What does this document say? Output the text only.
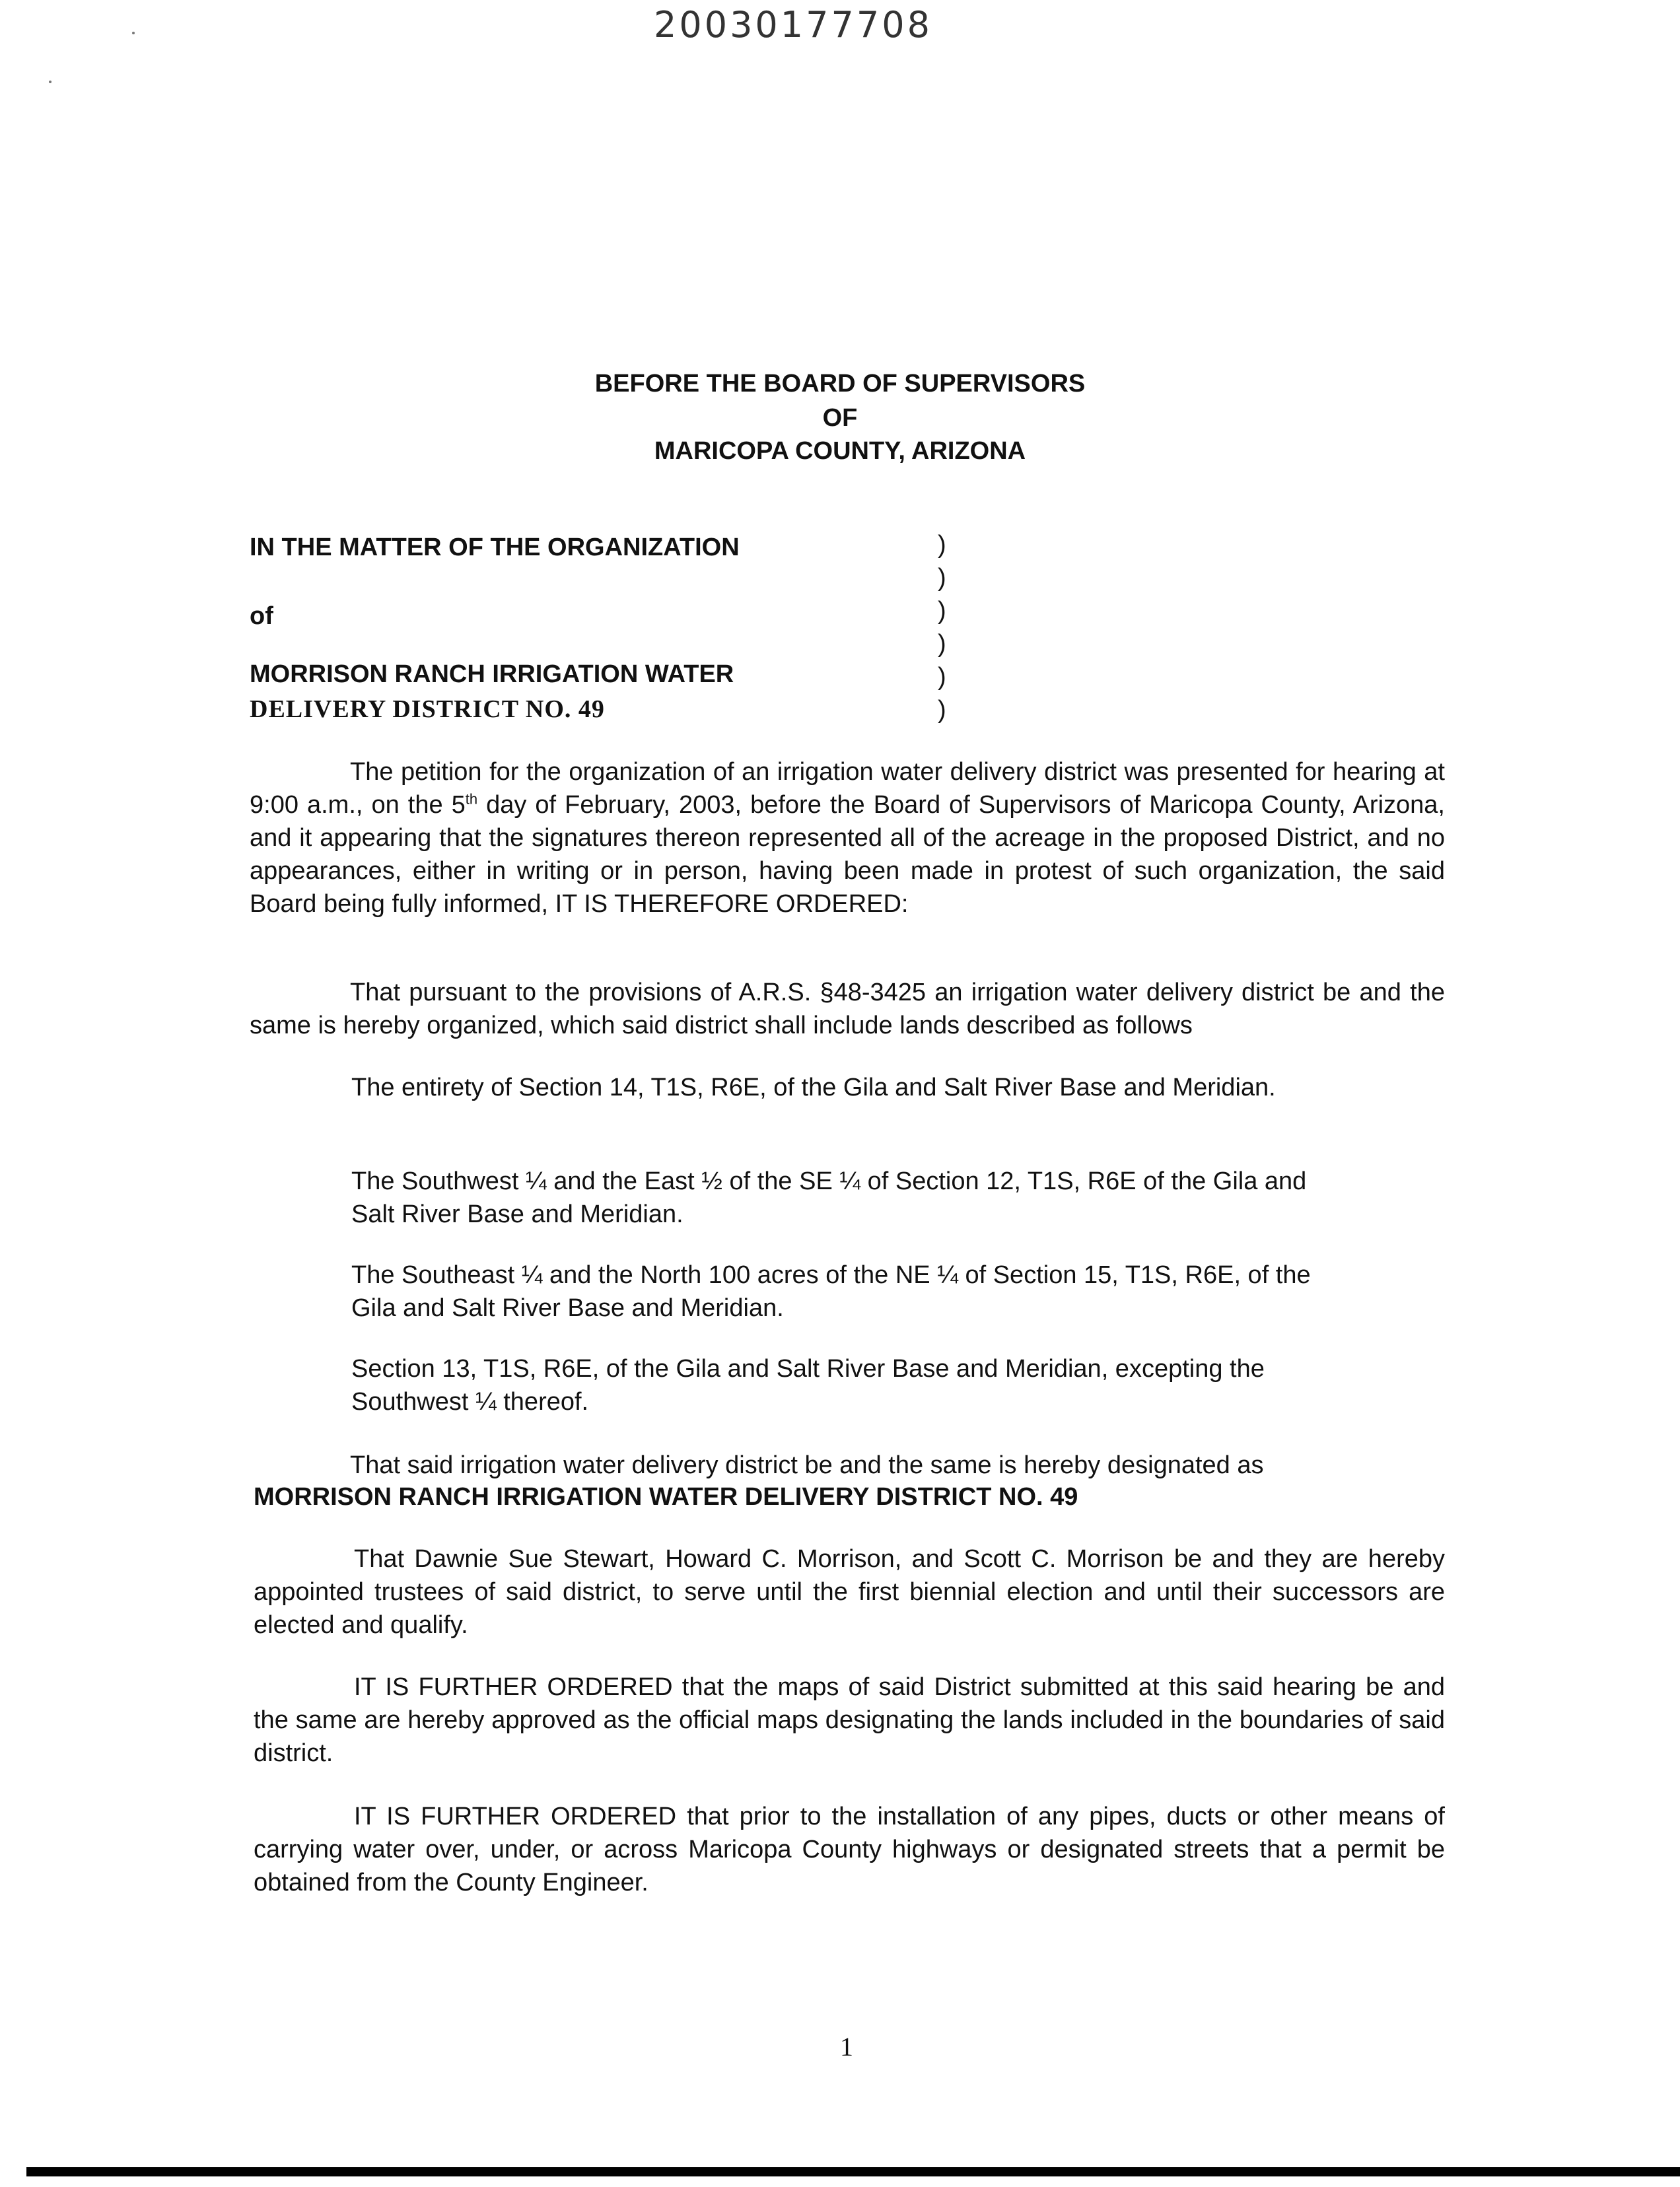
20030177708
BEFORE THE BOARD OF SUPERVISORS
OF
MARICOPA COUNTY, ARIZONA
IN THE MATTER OF THE ORGANIZATION
of
MORRISON RANCH IRRIGATION WATER
DELIVERY DISTRICT NO. 49
)
)
)
)
)
)
The petition for the organization of an irrigation water delivery district was presented for hearing at 9:00 a.m., on the 5th day of February, 2003, before the Board of Supervisors of Maricopa County, Arizona, and it appearing that the signatures thereon represented all of the acreage in the proposed District, and no appearances, either in writing or in person, having been made in protest of such organization, the said Board being fully informed, IT IS THEREFORE ORDERED:
That pursuant to the provisions of A.R.S. §48-3425 an irrigation water delivery district be and the same is hereby organized, which said district shall include lands described as follows
The entirety of Section 14, T1S, R6E, of the Gila and Salt River Base and Meridian.
The Southwest ¼ and the East ½ of the SE ¼ of Section 12, T1S, R6E of the Gila and Salt River Base and Meridian.
The Southeast ¼ and the North 100 acres of the NE ¼ of Section 15, T1S, R6E, of the Gila and Salt River Base and Meridian.
Section 13, T1S, R6E, of the Gila and Salt River Base and Meridian, excepting the Southwest ¼ thereof.
That said irrigation water delivery district be and the same is hereby designated as
MORRISON RANCH IRRIGATION WATER DELIVERY DISTRICT NO. 49
That Dawnie Sue Stewart, Howard C. Morrison, and Scott C. Morrison be and they are hereby appointed trustees of said district, to serve until the first biennial election and until their successors are elected and qualify.
IT IS FURTHER ORDERED that the maps of said District submitted at this said hearing be and the same are hereby approved as the official maps designating the lands included in the boundaries of said district.
IT IS FURTHER ORDERED that prior to the installation of any pipes, ducts or other means of carrying water over, under, or across Maricopa County highways or designated streets that a permit be obtained from the County Engineer.
1
